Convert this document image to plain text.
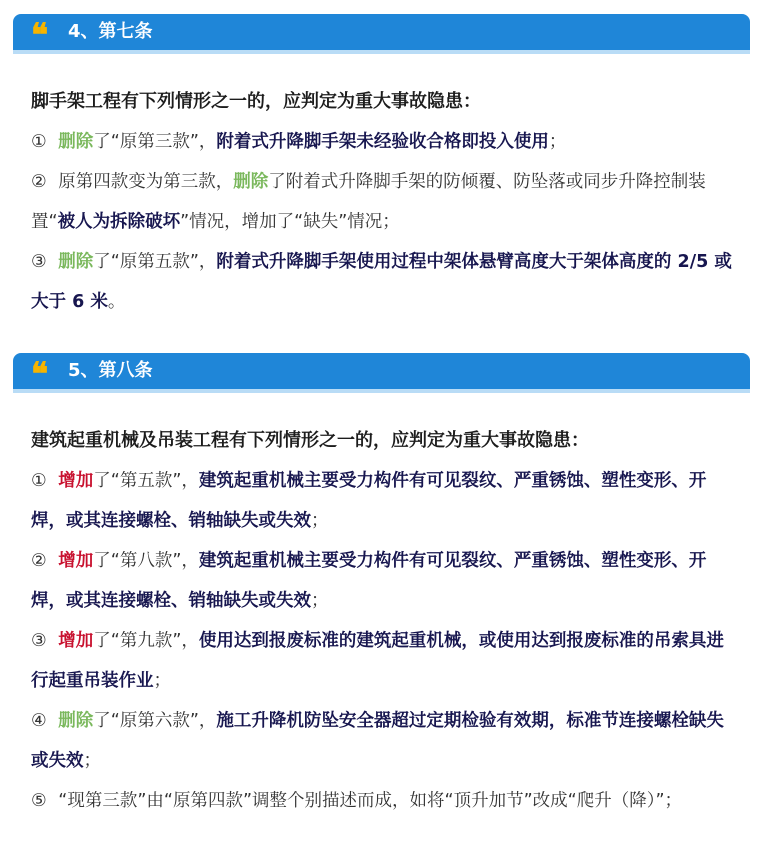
❝ 4、第七条
脚手架工程有下列情形之一的，应判定为重大事故隐患：
① 删除了“原第三款”，附着式升降脚手架未经验收合格即投入使用；
② 原第四款变为第三款，删除了附着式升降脚手架的防倾覆、防坠落或同步升降控制装置“被人为拆除破坏”情况，增加了“缺失”情况；
③ 删除了“原第五款”，附着式升降脚手架使用过程中架体悬臂高度大于架体高度的 2/5 或大于 6 米。
❝ 5、第八条
建筑起重机械及吊装工程有下列情形之一的，应判定为重大事故隐患：
① 增加了“第五款”，建筑起重机械主要受力构件有可见裂纹、严重锈蚀、塑性变形、开焊，或其连接螺栓、销轴缺失或失效；
② 增加了“第八款”，建筑起重机械主要受力构件有可见裂纹、严重锈蚀、塑性变形、开焊，或其连接螺栓、销轴缺失或失效；
③ 增加了“第九款”，使用达到报废标准的建筑起重机械，或使用达到报废标准的吊索具进行起重吊装作业；
④ 删除了“原第六款”，施工升降机防坠安全器超过定期检验有效期，标准节连接螺栓缺失或失效；
⑤ “现第三款”由“原第四款”调整个别描述而成，如将“顶升加节”改成“爬升（降）”；
